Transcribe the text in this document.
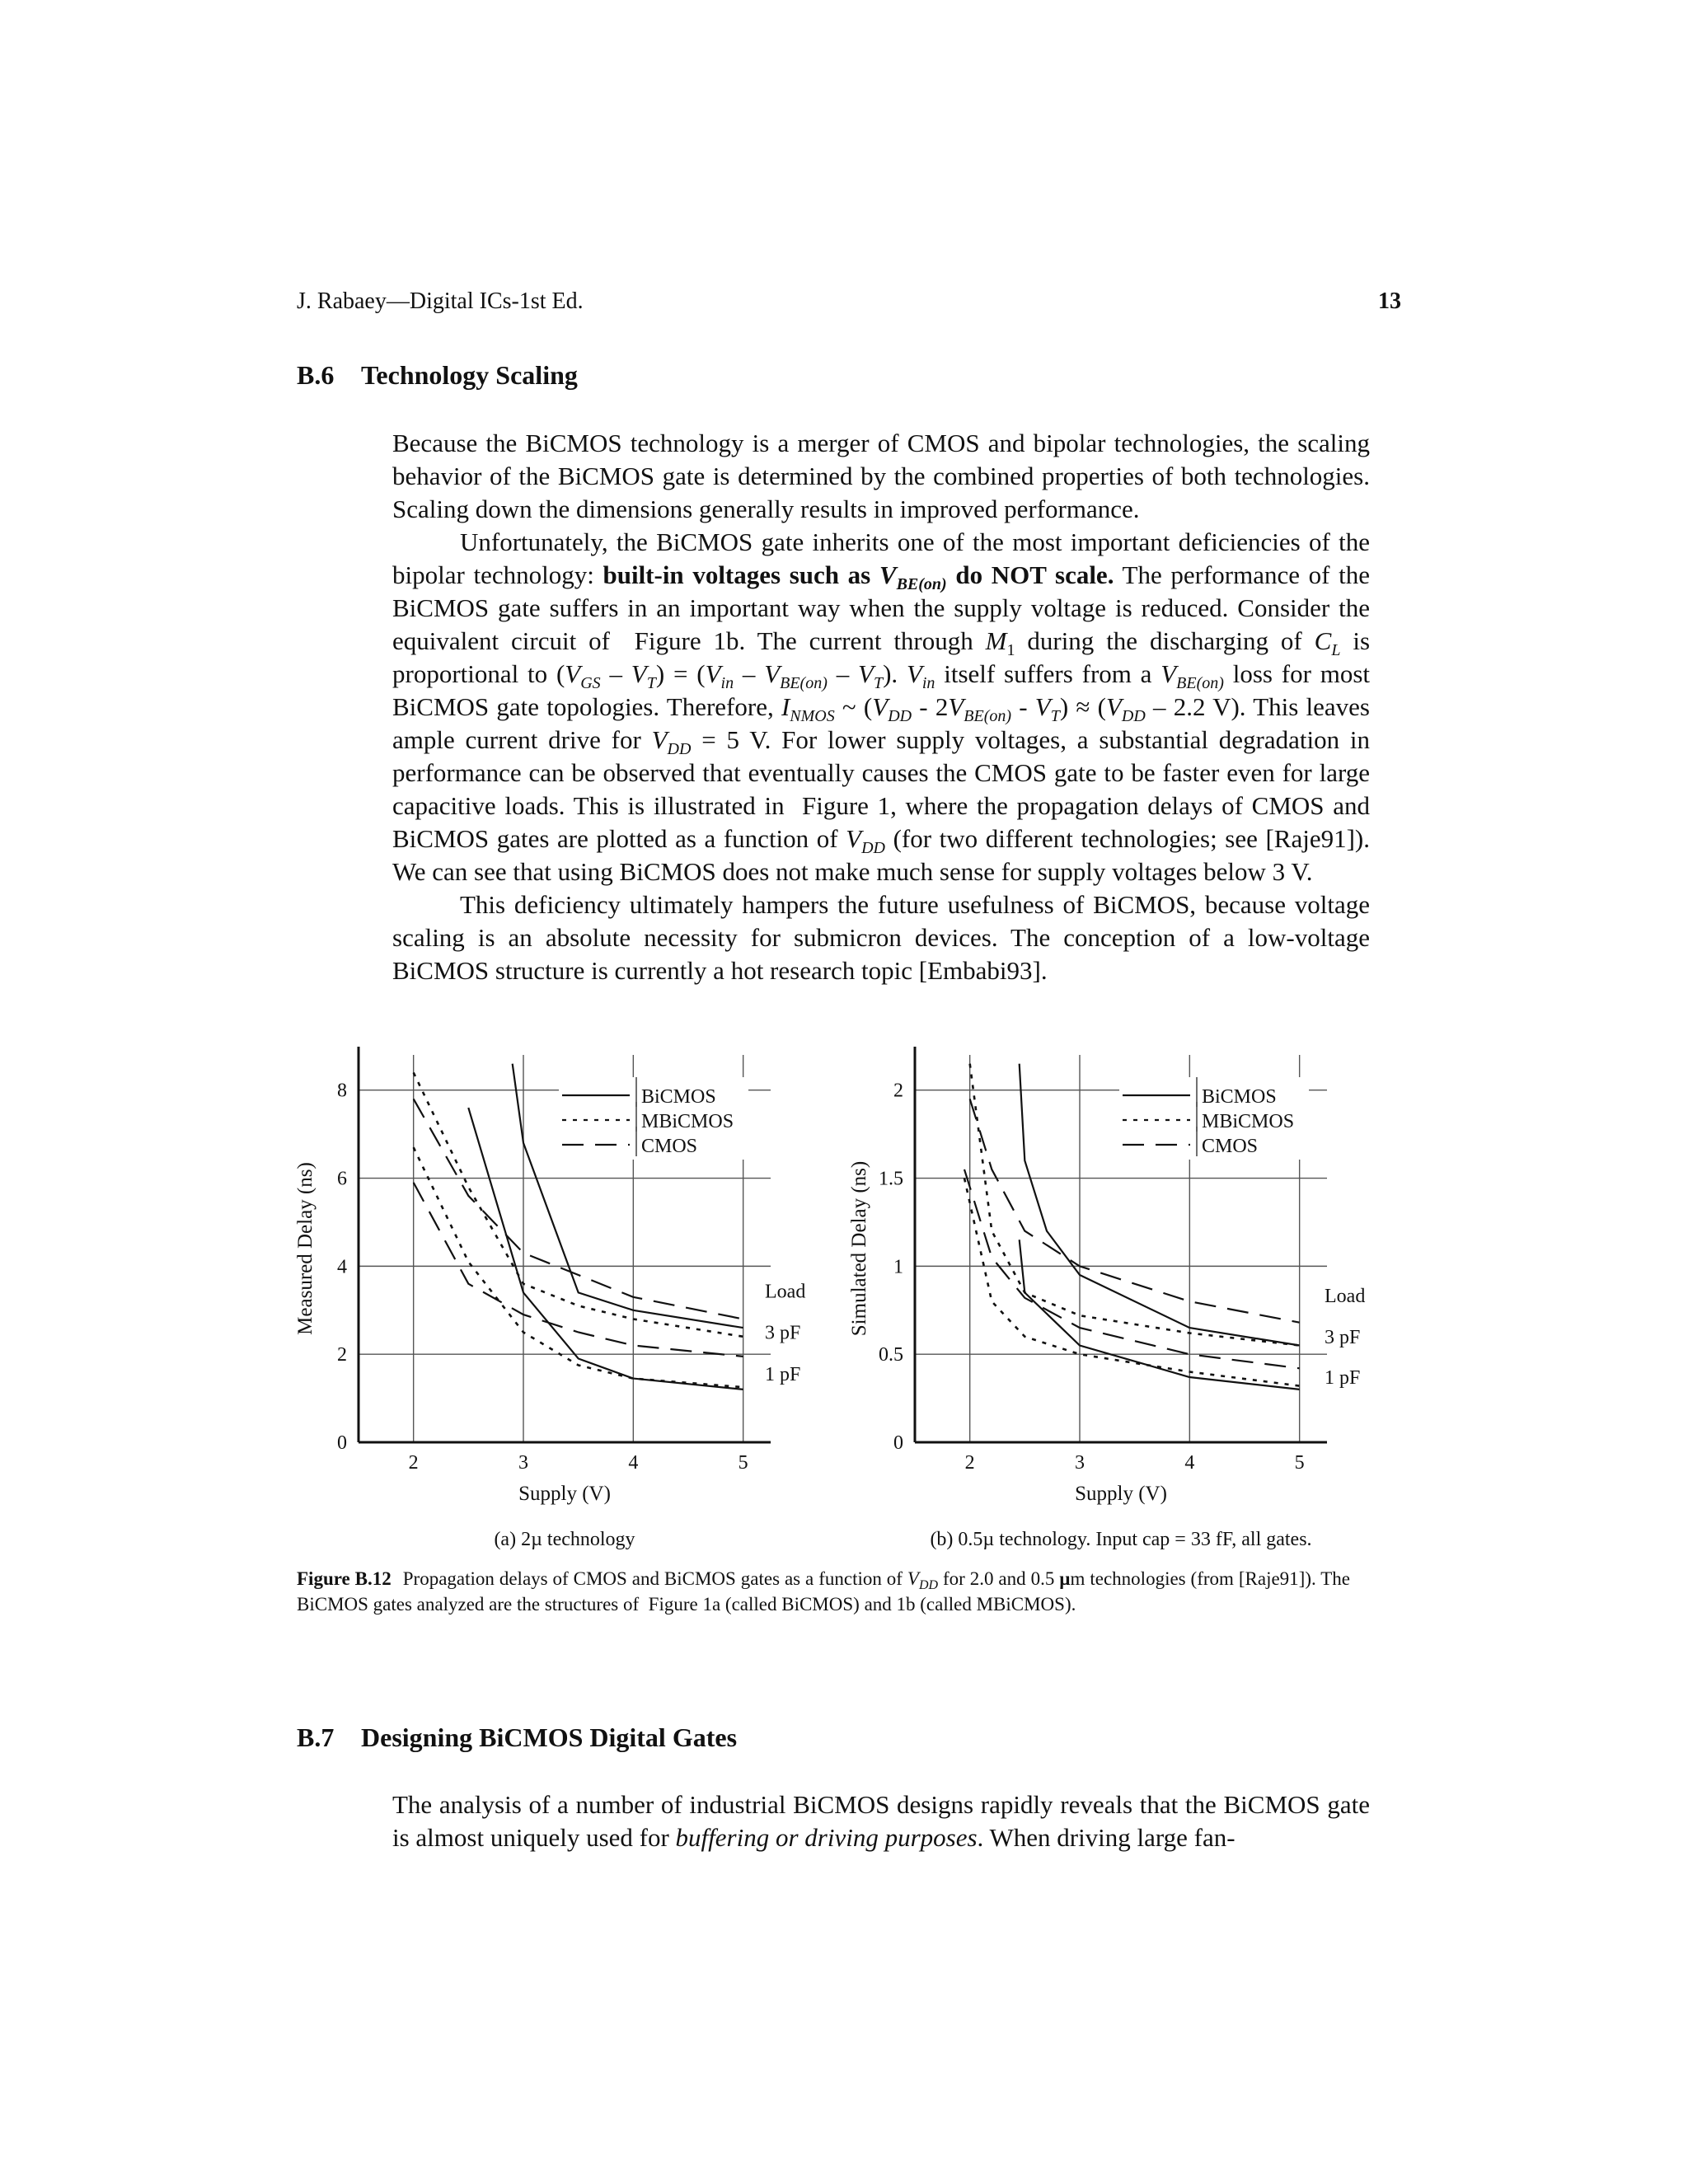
J. Rabaey—Digital ICs-1st Ed.	13
B.6 Technology Scaling

Because the BiCMOS technology is a merger of CMOS and bipolar technologies, the scaling behavior of the BiCMOS gate is determined by the combined properties of both technologies. Scaling down the dimensions generally results in improved performance.

Unfortunately, the BiCMOS gate inherits one of the most important deficiencies of the bipolar technology: built-in voltages such as $V_{BE(on)}$ do NOT scale. The performance of the BiCMOS gate suffers in an important way when the supply voltage is reduced. Consider the equivalent circuit of  Figure 1b. The current through $M_1$ during the discharging of $C_L$ is proportional to $(V_{GS} - V_T) = (V_{in} - V_{BE(on)} - V_T)$. $V_{in}$ itself suffers from a $V_{BE(on)}$ loss for most BiCMOS gate topologies. Therefore, $I_{NMOS}$ ~ $(V_{DD} - 2V_{BE(on)} - V_T) \approx (V_{DD} - 2.2$ V). This leaves ample current drive for $V_{DD} = 5$ V. For lower supply voltages, a substantial degradation in performance can be observed that eventually causes the CMOS gate to be faster even for large capacitive loads. This is illustrated in  Figure 1, where the propagation delays of CMOS and BiCMOS gates are plotted as a function of $V_{DD}$ (for two different technologies; see [Raje91]). We can see that using BiCMOS does not make much sense for supply voltages below 3 V.

This deficiency ultimately hampers the future usefulness of BiCMOS, because voltage scaling is an absolute necessity for submicron devices. The conception of a low-voltage BiCMOS structure is currently a hot research topic [Embabi93].

2	3	4	5
0
2
4
6
8
Supply (V)
Measured Delay (ns)
BiCMOS
MBiCMOS
CMOS
Load
3 pF
1 pF
(a) 2µ technology
2	3	4	5
0
0.5
1
1.5
2
Supply (V)
Simulated Delay (ns)
BiCMOS
MBiCMOS
CMOS
Load
3 pF
1 pF
(b) 0.5µ technology. Input cap = 33 fF, all gates.
Figure B.12 Propagation delays of CMOS and BiCMOS gates as a function of $V_{DD}$ for 2.0 and 0.5 µm technologies (from [Raje91]). The BiCMOS gates analyzed are the structures of  Figure 1a (called BiCMOS) and 1b (called MBiCMOS).
B.7 Designing BiCMOS Digital Gates

The analysis of a number of industrial BiCMOS designs rapidly reveals that the BiCMOS gate is almost uniquely used for buffering or driving purposes. When driving large fan-
